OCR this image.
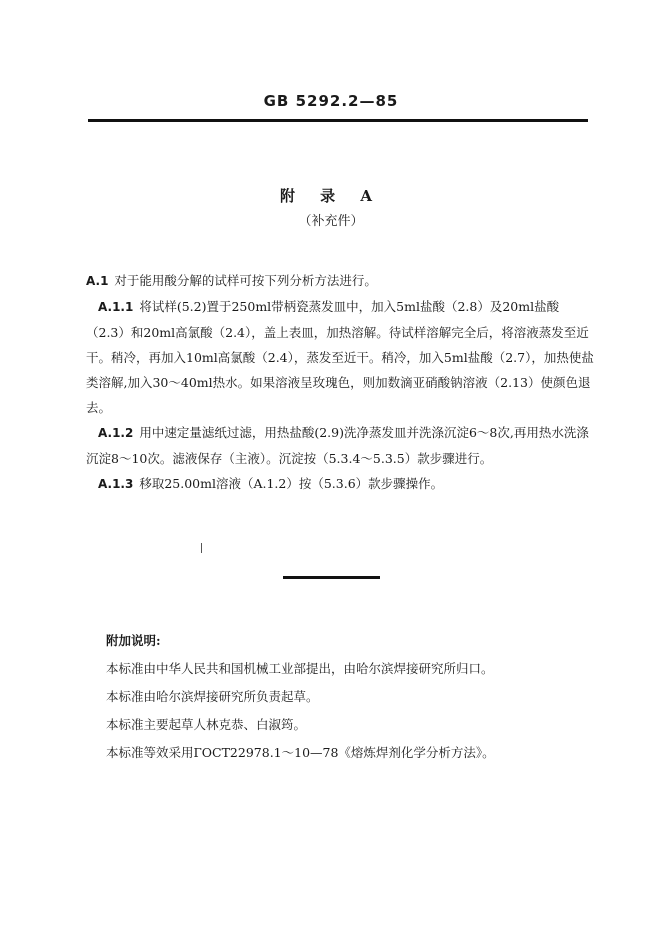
GB 5292.2—85
附 录 A
（补充件）

A.1 对于能用酸分解的试样可按下列分析方法进行。

A.1.1 将试样(5.2)置于250ml带柄瓷蒸发皿中，加入5ml盐酸（2.8）及20ml盐酸（2.3）和20ml高氯酸（2.4），盖上表皿，加热溶解。待试样溶解完全后，将溶液蒸发至近干。稍冷，再加入10ml高氯酸（2.4），蒸发至近干。稍冷，加入5ml盐酸（2.7），加热使盐类溶解,加入30～40ml热水。如果溶液呈玫瑰色，则加数滴亚硝酸钠溶液（2.13）使颜色退去。

A.1.2 用中速定量滤纸过滤，用热盐酸(2.9)洗净蒸发皿并洗涤沉淀6～8次,再用热水洗涤沉淀8～10次。滤液保存（主液）。沉淀按（5.3.4～5.3.5）款步骤进行。

A.1.3 移取25.00ml溶液（A.1.2）按（5.3.6）款步骤操作。

附加说明:

本标准由中华人民共和国机械工业部提出，由哈尔滨焊接研究所归口。

本标准由哈尔滨焊接研究所负责起草。

本标准主要起草人林克恭、白淑筠。

本标准等效采用ГОСТ22978.1～10—78《熔炼焊剂化学分析方法》。
